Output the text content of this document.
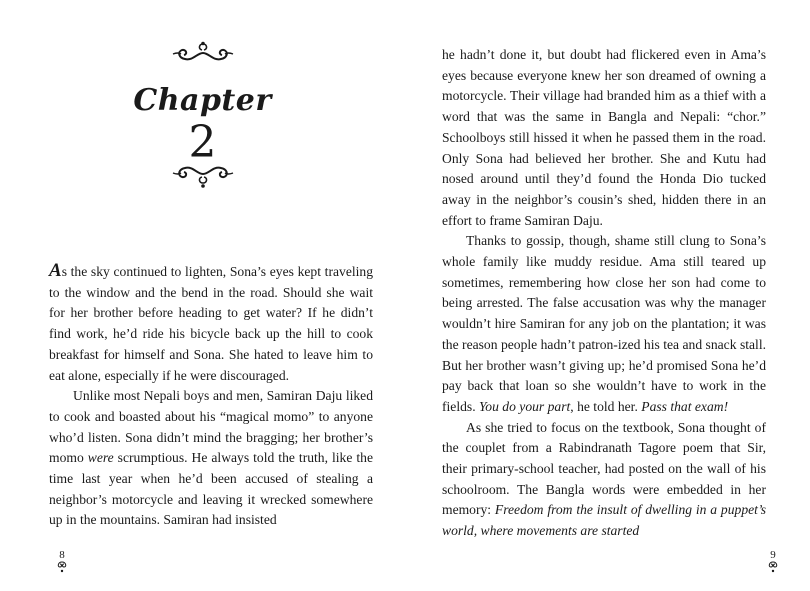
Chapter
2

As the sky continued to lighten, Sona’s eyes kept traveling to the window and the bend in the road. Should she wait for her brother before heading to get water? If he didn’t find work, he’d ride his bicycle back up the hill to cook breakfast for himself and Sona. She hated to leave him to eat alone, especially if he were discouraged.

Unlike most Nepali boys and men, Samiran Daju liked to cook and boasted about his “magical momo” to anyone who’d listen. Sona didn’t mind the bragging; her brother’s momo were scrumptious. He always told the truth, like the time last year when he’d been accused of stealing a neighbor’s motorcycle and leaving it wrecked somewhere up in the mountains. Samiran had insisted

8

he hadn’t done it, but doubt had flickered even in Ama’s eyes because everyone knew her son dreamed of owning a motorcycle. Their village had branded him as a thief with a word that was the same in Bangla and Nepali: “chor.” Schoolboys still hissed it when he passed them in the road. Only Sona had believed her brother. She and Kutu had nosed around until they’d found the Honda Dio tucked away in the neighbor’s cousin’s shed, hidden there in an effort to frame Samiran Daju.

Thanks to gossip, though, shame still clung to Sona’s whole family like muddy residue. Ama still teared up sometimes, remembering how close her son had come to being arrested. The false accusation was why the manager wouldn’t hire Samiran for any job on the plantation; it was the reason people hadn’t patron-ized his tea and snack stall. But her brother wasn’t giving up; he’d promised Sona he’d pay back that loan so she wouldn’t have to work in the fields. You do your part, he told her. Pass that exam!

As she tried to focus on the textbook, Sona thought of the couplet from a Rabindranath Tagore poem that Sir, their primary-school teacher, had posted on the wall of his schoolroom. The Bangla words were embedded in her memory: Freedom from the insult of dwelling in a puppet’s world, where movements are started

9
